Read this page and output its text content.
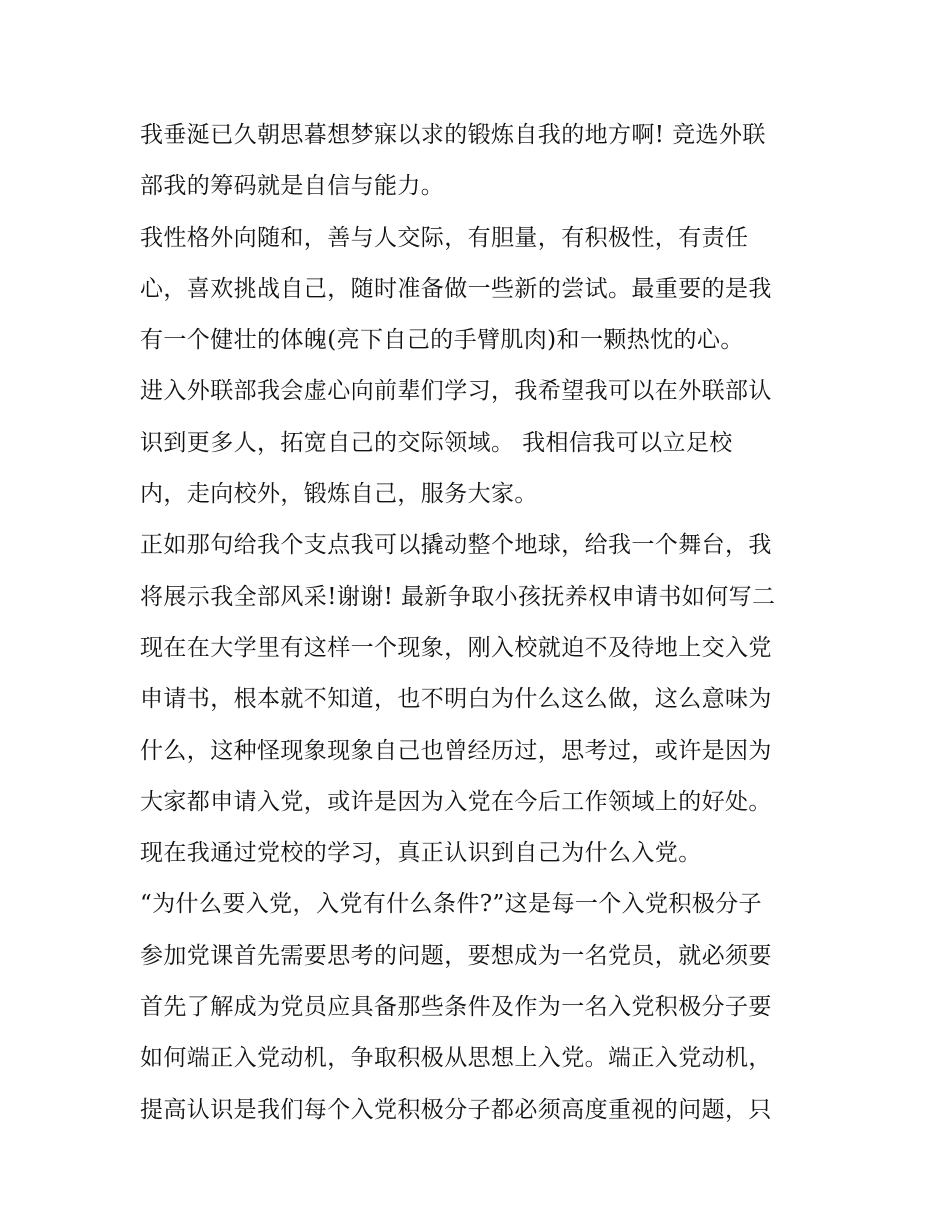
我垂涎已久朝思暮想梦寐以求的锻炼自我的地方啊! 竞选外联
部我的筹码就是自信与能力。
我性格外向随和，善与人交际，有胆量，有积极性，有责任
心，喜欢挑战自己，随时准备做一些新的尝试。最重要的是我
有一个健壮的体魄(亮下自己的手臂肌肉)和一颗热忱的心。
进入外联部我会虚心向前辈们学习，我希望我可以在外联部认
识到更多人，拓宽自己的交际领域。 我相信我可以立足校
内，走向校外，锻炼自己，服务大家。
正如那句给我个支点我可以撬动整个地球，给我一个舞台，我
将展示我全部风采!谢谢! 最新争取小孩抚养权申请书如何写二
现在在大学里有这样一个现象，刚入校就迫不及待地上交入党
申请书，根本就不知道，也不明白为什么这么做，这么意味为
什么，这种怪现象现象自己也曾经历过，思考过，或许是因为
大家都申请入党，或许是因为入党在今后工作领域上的好处。
现在我通过党校的学习，真正认识到自己为什么入党。
“为什么要入党，入党有什么条件?”这是每一个入党积极分子
参加党课首先需要思考的问题，要想成为一名党员，就必须要
首先了解成为党员应具备那些条件及作为一名入党积极分子要
如何端正入党动机，争取积极从思想上入党。端正入党动机，
提高认识是我们每个入党积极分子都必须高度重视的问题，只
